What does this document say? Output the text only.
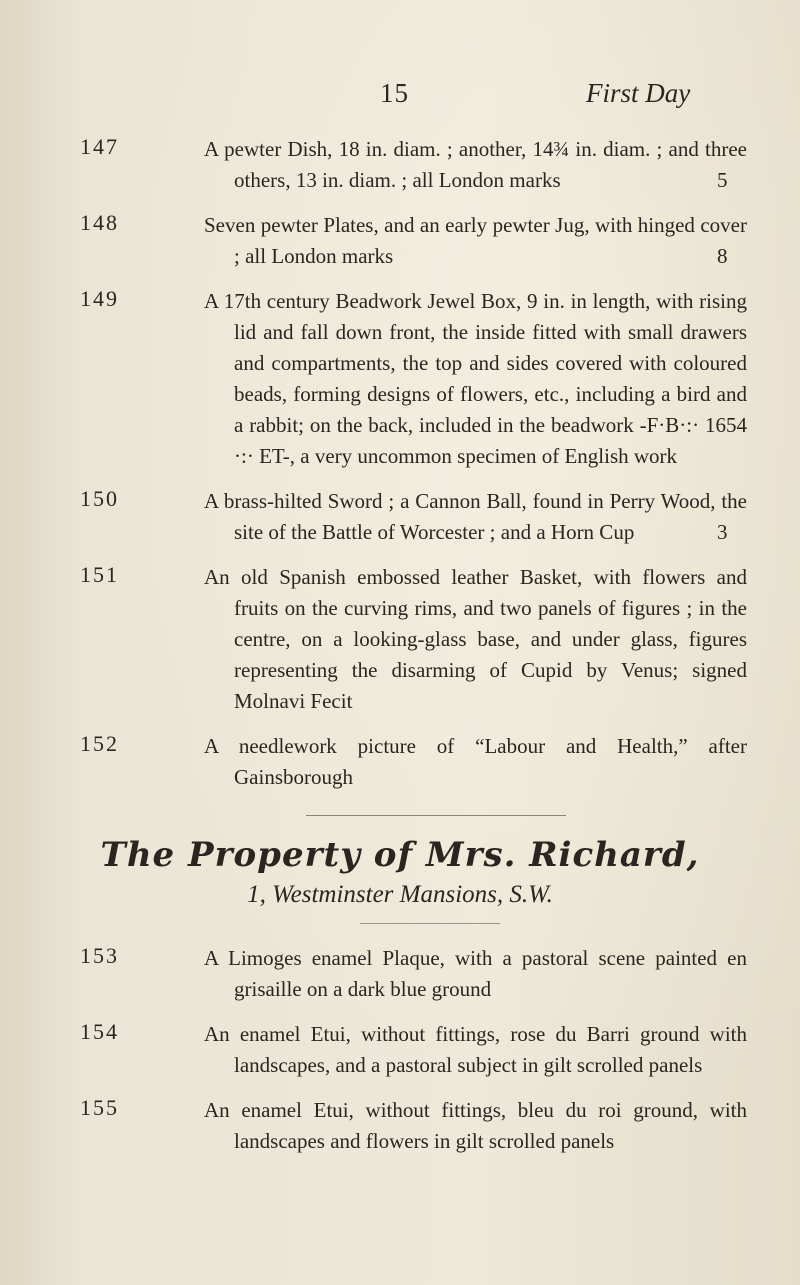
15	First Day
147	A pewter Dish, 18 in. diam. ; another, 14¾ in. diam. ; and three others, 13 in. diam. ; all London marks	5
148	Seven pewter Plates, and an early pewter Jug, with hinged cover ; all London marks	8
149	A 17th century Beadwork Jewel Box, 9 in. in length, with rising lid and fall down front, the inside fitted with small drawers and compartments, the top and sides covered with coloured beads, forming designs of flowers, etc., including a bird and a rabbit; on the back, included in the beadwork -F·B·:· 1654 ·:· ET-, a very uncommon specimen of English work
150	A brass-hilted Sword ; a Cannon Ball, found in Perry Wood, the site of the Battle of Worcester ; and a Horn Cup	3
151	An old Spanish embossed leather Basket, with flowers and fruits on the curving rims, and two panels of figures ; in the centre, on a looking-glass base, and under glass, figures representing the disarming of Cupid by Venus; signed Molnavi Fecit
152	A needlework picture of “Labour and Health,” after Gainsborough
The Property of Mrs. Richard,
1, Westminster Mansions, S.W.
153	A Limoges enamel Plaque, with a pastoral scene painted en grisaille on a dark blue ground
154	An enamel Etui, without fittings, rose du Barri ground with landscapes, and a pastoral subject in gilt scrolled panels
155	An enamel Etui, without fittings, bleu du roi ground, with landscapes and flowers in gilt scrolled panels
